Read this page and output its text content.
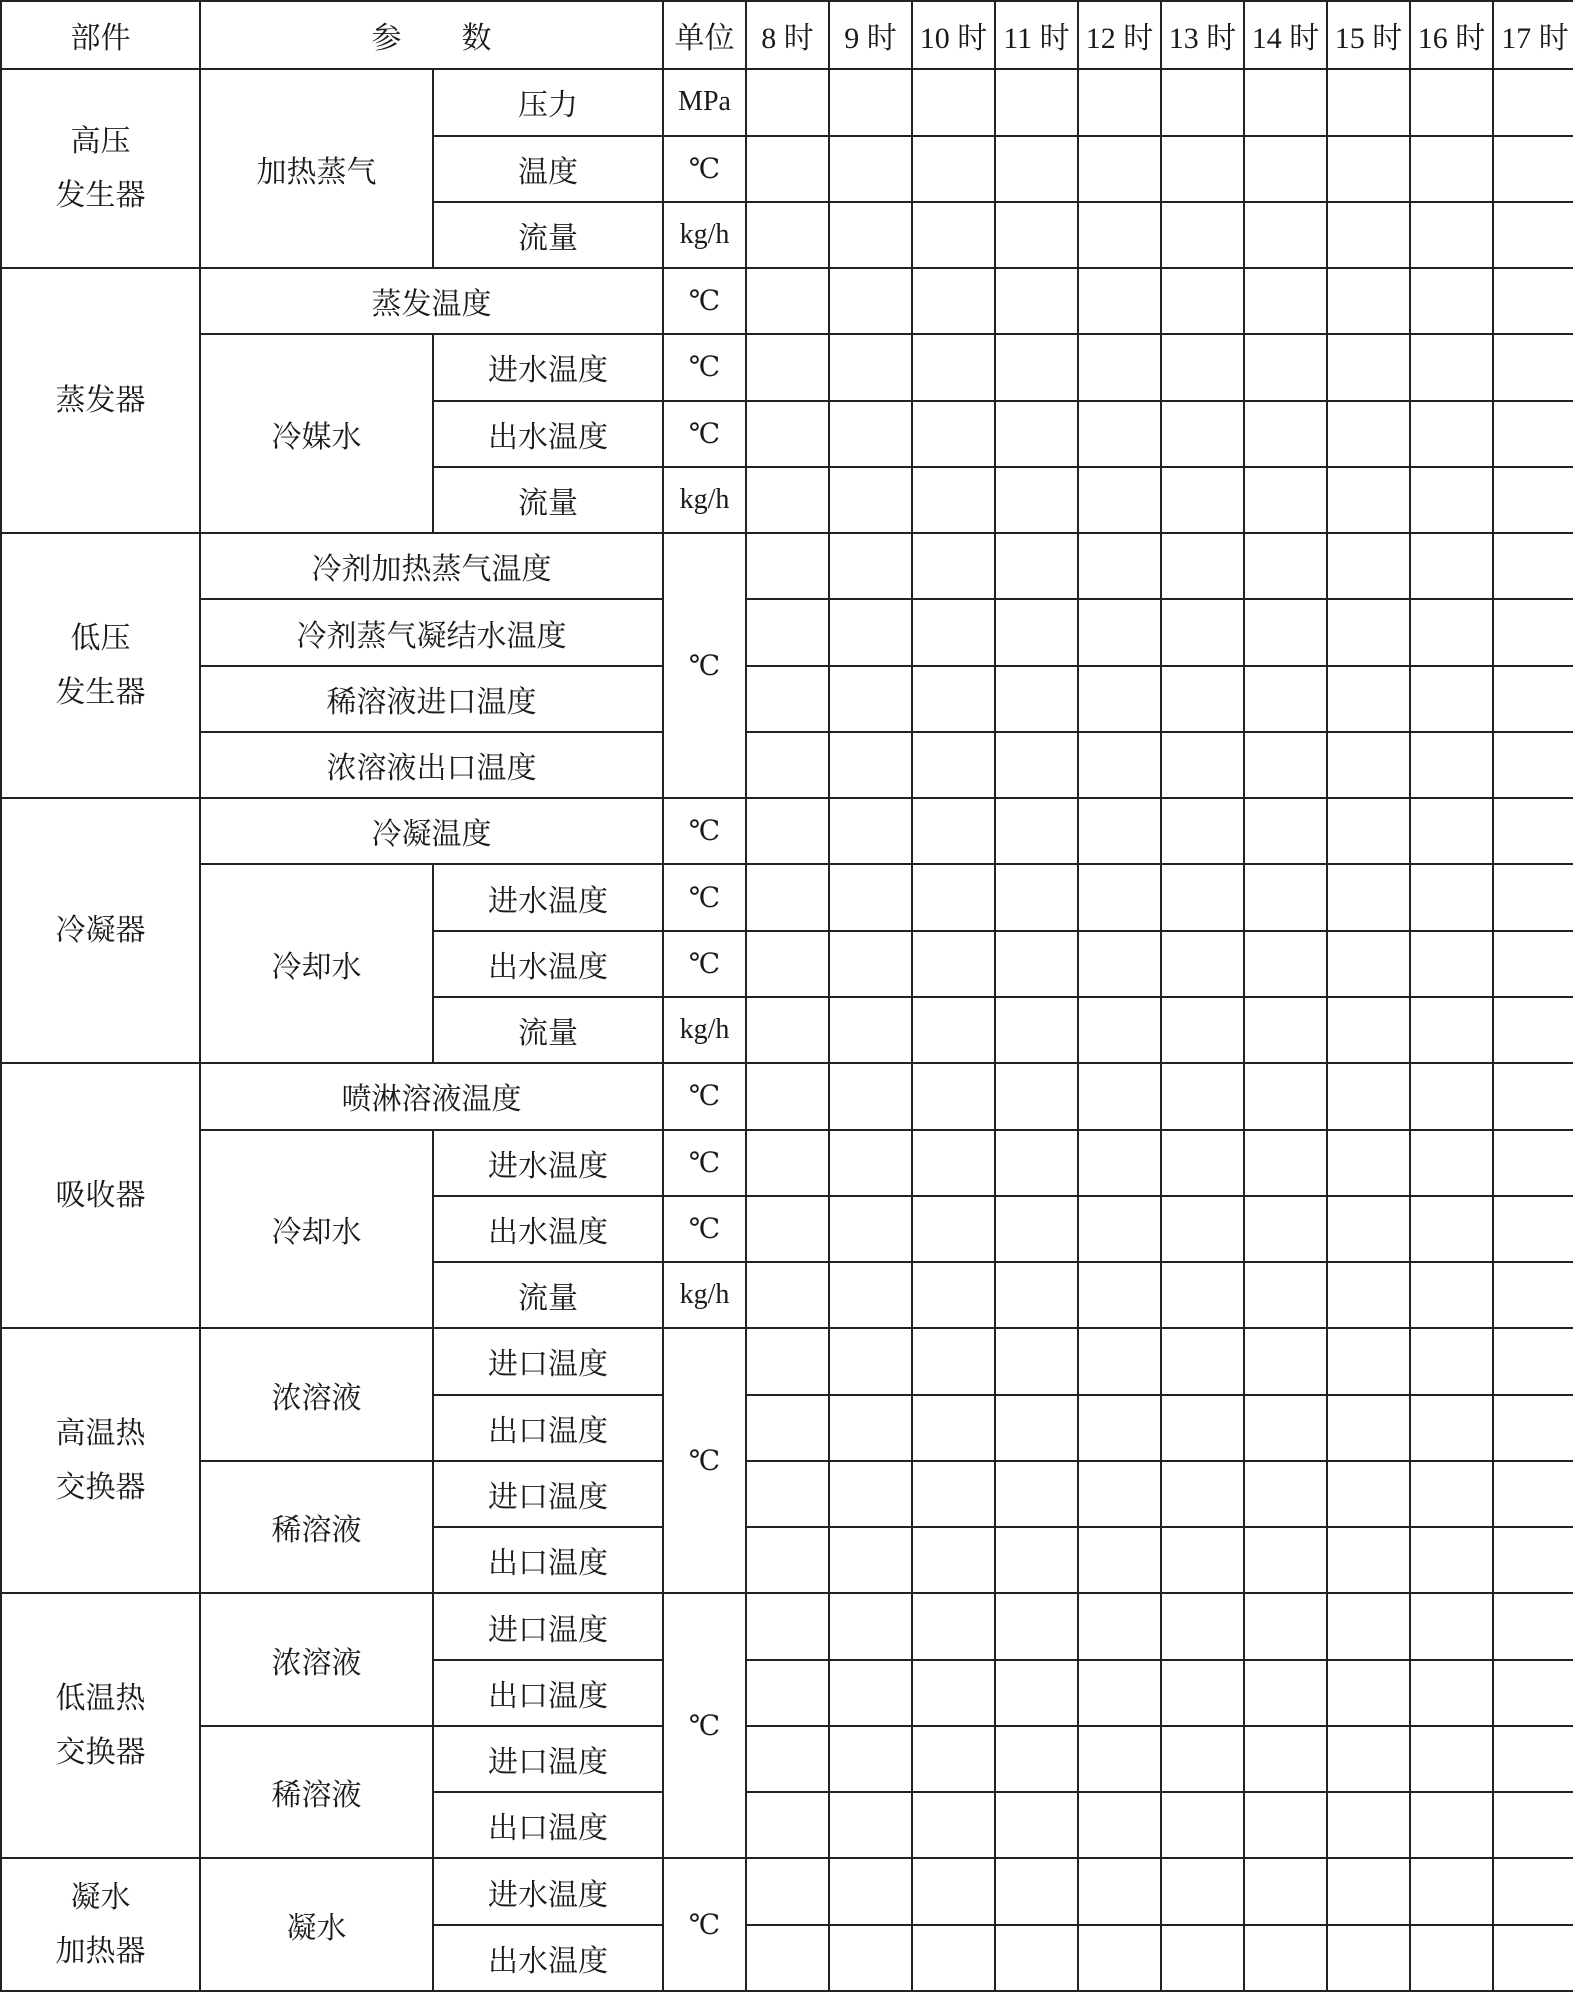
部件	参　　数		单位	8 时	9 时	10 时	11 时	12 时	13 时	14 时	15 时	16 时	17 时
高压
发生器	加热蒸气	压力	MPa										
		温度	℃										
		流量	kg/h										
蒸发器	蒸发温度		℃										
	冷媒水	进水温度	℃										
		出水温度	℃										
		流量	kg/h										
低压
发生器	冷剂加热蒸气温度		℃										
	冷剂蒸气凝结水温度												
	稀溶液进口温度												
	浓溶液出口温度												
冷凝器	冷凝温度		℃										
	冷却水	进水温度	℃										
		出水温度	℃										
		流量	kg/h										
吸收器	喷淋溶液温度		℃										
	冷却水	进水温度	℃										
		出水温度	℃										
		流量	kg/h										
高温热
交换器	浓溶液	进口温度	℃										
		出口温度											
	稀溶液	进口温度											
		出口温度											
低温热
交换器	浓溶液	进口温度	℃										
		出口温度											
	稀溶液	进口温度											
		出口温度											
凝水
加热器	凝水	进水温度	℃										
		出水温度											
